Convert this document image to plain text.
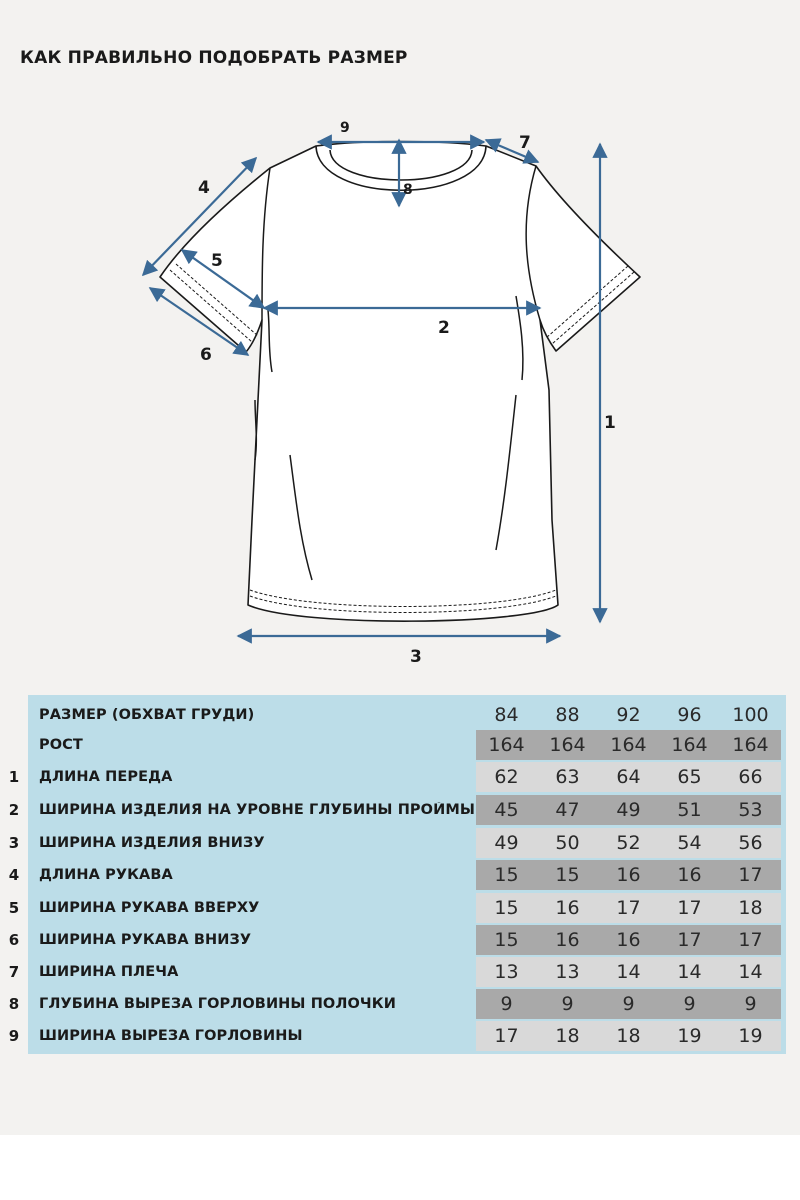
КАК ПРАВИЛЬНО ПОДОБРАТЬ РАЗМЕР
1
2
3
4
5
6
7
8
9
РАЗМЕР (ОБХВАТ ГРУДИ)	84	88	92	96	100
РОСТ	164	164	164	164	164
1	ДЛИНА ПЕРЕДА	62	63	64	65	66
2	ШИРИНА ИЗДЕЛИЯ НА УРОВНЕ ГЛУБИНЫ ПРОЙМЫ	45	47	49	51	53
3	ШИРИНА ИЗДЕЛИЯ ВНИЗУ	49	50	52	54	56
4	ДЛИНА РУКАВА	15	15	16	16	17
5	ШИРИНА РУКАВА ВВЕРХУ	15	16	17	17	18
6	ШИРИНА РУКАВА ВНИЗУ	15	16	16	17	17
7	ШИРИНА ПЛЕЧА	13	13	14	14	14
8	ГЛУБИНА ВЫРЕЗА ГОРЛОВИНЫ ПОЛОЧКИ	9	9	9	9	9
9	ШИРИНА ВЫРЕЗА ГОРЛОВИНЫ	17	18	18	19	19
